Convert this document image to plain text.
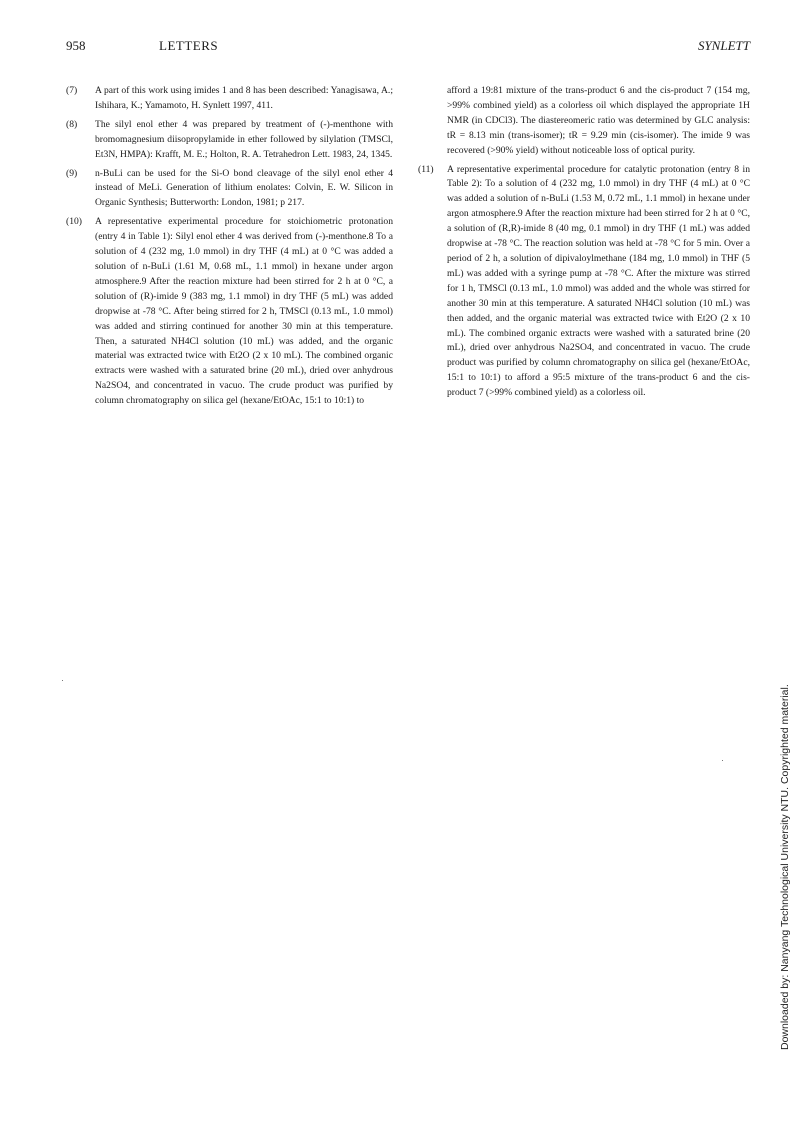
958	LETTERS	SYNLETT
(7) A part of this work using imides 1 and 8 has been described: Yanagisawa, A.; Ishihara, K.; Yamamoto, H. Synlett 1997, 411.
(8) The silyl enol ether 4 was prepared by treatment of (-)-menthone with bromomagnesium diisopropylamide in ether followed by silylation (TMSCl, Et3N, HMPA): Krafft, M. E.; Holton, R. A. Tetrahedron Lett. 1983, 24, 1345.
(9) n-BuLi can be used for the Si-O bond cleavage of the silyl enol ether 4 instead of MeLi. Generation of lithium enolates: Colvin, E. W. Silicon in Organic Synthesis; Butterworth: London, 1981; p 217.
(10) A representative experimental procedure for stoichiometric protonation (entry 4 in Table 1): Silyl enol ether 4 was derived from (-)-menthone.8 To a solution of 4 (232 mg, 1.0 mmol) in dry THF (4 mL) at 0 °C was added a solution of n-BuLi (1.61 M, 0.68 mL, 1.1 mmol) in hexane under argon atmosphere.9 After the reaction mixture had been stirred for 2 h at 0 °C, a solution of (R)-imide 9 (383 mg, 1.1 mmol) in dry THF (5 mL) was added dropwise at -78 °C. After being stirred for 2 h, TMSCl (0.13 mL, 1.0 mmol) was added and stirring continued for another 30 min at this temperature. Then, a saturated NH4Cl solution (10 mL) was added, and the organic material was extracted twice with Et2O (2 x 10 mL). The combined organic extracts were washed with a saturated brine (20 mL), dried over anhydrous Na2SO4, and concentrated in vacuo. The crude product was purified by column chromatography on silica gel (hexane/EtOAc, 15:1 to 10:1) to
afford a 19:81 mixture of the trans-product 6 and the cis-product 7 (154 mg, >99% combined yield) as a colorless oil which displayed the appropriate 1H NMR (in CDCl3). The diastereomeric ratio was determined by GLC analysis: tR = 8.13 min (trans-isomer); tR = 9.29 min (cis-isomer). The imide 9 was recovered (>90% yield) without noticeable loss of optical purity.
(11) A representative experimental procedure for catalytic protonation (entry 8 in Table 2): To a solution of 4 (232 mg, 1.0 mmol) in dry THF (4 mL) at 0 °C was added a solution of n-BuLi (1.53 M, 0.72 mL, 1.1 mmol) in hexane under argon atmosphere.9 After the reaction mixture had been stirred for 2 h at 0 °C, a solution of (R,R)-imide 8 (40 mg, 0.1 mmol) in dry THF (1 mL) was added dropwise at -78 °C. The reaction solution was held at -78 °C for 5 min. Over a period of 2 h, a solution of dipivaloylmethane (184 mg, 1.0 mmol) in THF (5 mL) was added with a syringe pump at -78 °C. After the mixture was stirred for 1 h, TMSCl (0.13 mL, 1.0 mmol) was added and the whole was stirred for another 30 min at this temperature. A saturated NH4Cl solution (10 mL) was then added, and the organic material was extracted twice with Et2O (2 x 10 mL). The combined organic extracts were washed with a saturated brine (20 mL), dried over anhydrous Na2SO4, and concentrated in vacuo. The crude product was purified by column chromatography on silica gel (hexane/EtOAc, 15:1 to 10:1) to afford a 95:5 mixture of the trans-product 6 and the cis-product 7 (>99% combined yield) as a colorless oil.
Downloaded by: Nanyang Technological University NTU. Copyrighted material.
